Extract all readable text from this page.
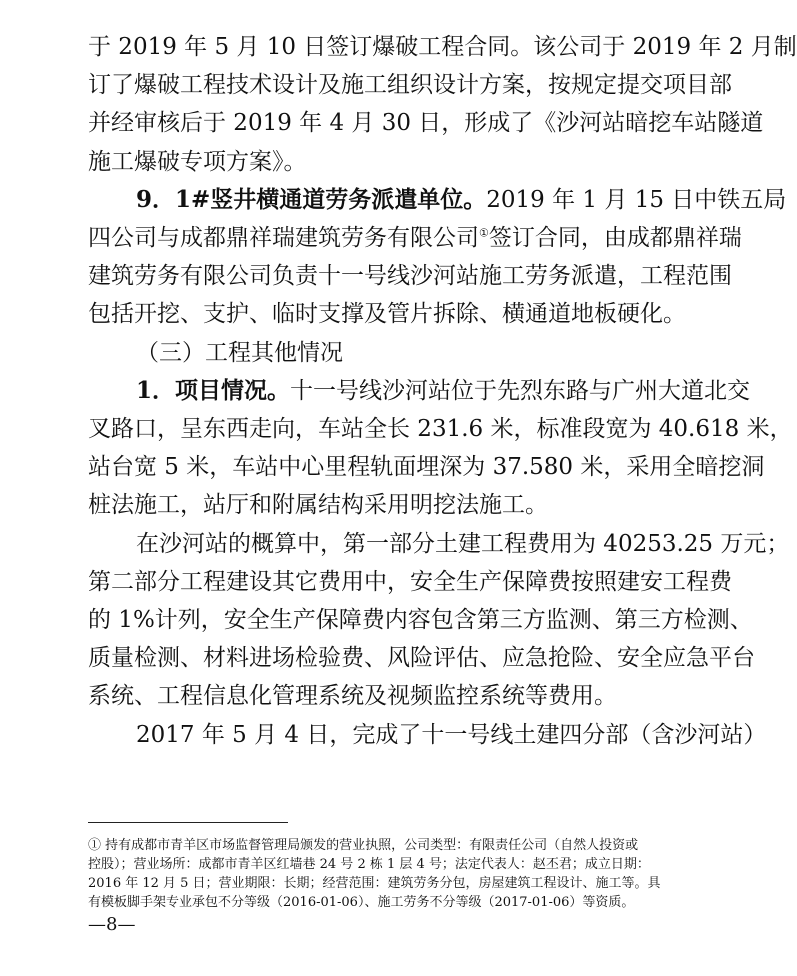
于 2019 年 5 月 10 日签订爆破工程合同。该公司于 2019 年 2 月制
订了爆破工程技术设计及施工组织设计方案，按规定提交项目部
并经审核后于 2019 年 4 月 30 日，形成了《沙河站暗挖车站隧道
施工爆破专项方案》。
9．1#竖井横通道劳务派遣单位。2019 年 1 月 15 日中铁五局
四公司与成都鼎祥瑞建筑劳务有限公司①签订合同，由成都鼎祥瑞
建筑劳务有限公司负责十一号线沙河站施工劳务派遣，工程范围
包括开挖、支护、临时支撑及管片拆除、横通道地板硬化。
（三）工程其他情况
1．项目情况。十一号线沙河站位于先烈东路与广州大道北交
叉路口，呈东西走向，车站全长 231.6 米，标准段宽为 40.618 米，
站台宽 5 米，车站中心里程轨面埋深为 37.580 米，采用全暗挖洞
桩法施工，站厅和附属结构采用明挖法施工。
在沙河站的概算中，第一部分土建工程费用为 40253.25 万元；
第二部分工程建设其它费用中，安全生产保障费按照建安工程费
的 1%计列，安全生产保障费内容包含第三方监测、第三方检测、
质量检测、材料进场检验费、风险评估、应急抢险、安全应急平台
系统、工程信息化管理系统及视频监控系统等费用。
2017 年 5 月 4 日，完成了十一号线土建四分部（含沙河站）
① 持有成都市青羊区市场监督管理局颁发的营业执照，公司类型：有限责任公司（自然人投资或
控股）；营业场所：成都市青羊区红墙巷 24 号 2 栋 1 层 4 号；法定代表人：赵丕君；成立日期：
2016 年 12 月 5 日；营业期限：长期；经营范围：建筑劳务分包，房屋建筑工程设计、施工等。具
有模板脚手架专业承包不分等级（2016-01-06）、施工劳务不分等级（2017-01-06）等资质。
—8—
